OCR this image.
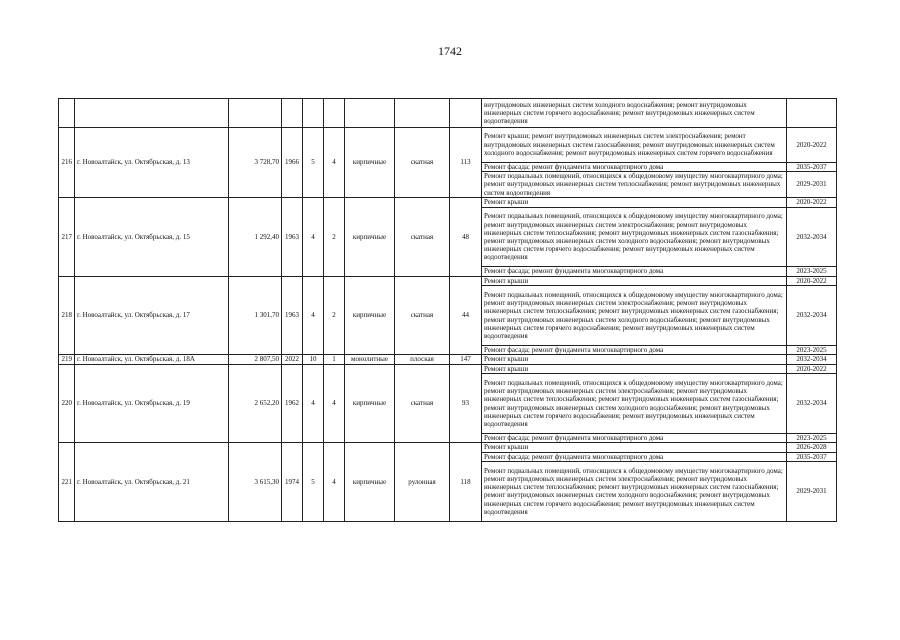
1742
									внутридомовых инженерных систем холодного водоснабжения; ремонт внутридомовых инженерных систем горячего водоснабжения; ремонт внутридомовых инженерных систем водоотведения	
216	г. Новоалтайск, ул. Октябрьская, д. 13	3 728,70	1966	5	4	кирпичные	скатная	113	Ремонт крыши; ремонт внутридомовых инженерных систем электроснабжения; ремонт внутридомовых инженерных систем газоснабжения; ремонт внутридомовых инженерных систем холодного водоснабжения; ремонт внутридомовых инженерных систем горячего водоснабжения	2020-2022
									Ремонт фасада; ремонт фундамента многоквартирного дома	2035-2037
									Ремонт подвальных помещений, относящихся к общедомовому имуществу многоквартирного дома; ремонт внутридомовых инженерных систем теплоснабжения; ремонт внутридомовых инженерных систем водоотведения	2029-2031
217	г. Новоалтайск, ул. Октябрьская, д. 15	1 292,40	1963	4	2	кирпичные	скатная	48	Ремонт крыши	2020-2022
									Ремонт подвальных помещений, относящихся к общедомовому имуществу многоквартирного дома; ремонт внутридомовых инженерных систем электроснабжения; ремонт внутридомовых инженерных систем теплоснабжения; ремонт внутридомовых инженерных систем газоснабжения; ремонт внутридомовых инженерных систем холодного водоснабжения; ремонт внутридомовых инженерных систем горячего водоснабжения; ремонт внутридомовых инженерных систем водоотведения	2032-2034
									Ремонт фасада; ремонт фундамента многоквартирного дома	2023-2025
218	г. Новоалтайск, ул. Октябрьская, д. 17	1 301,70	1963	4	2	кирпичные	скатная	44	Ремонт крыши	2020-2022
									Ремонт подвальных помещений, относящихся к общедомовому имуществу многоквартирного дома; ремонт внутридомовых инженерных систем электроснабжения; ремонт внутридомовых инженерных систем теплоснабжения; ремонт внутридомовых инженерных систем газоснабжения; ремонт внутридомовых инженерных систем холодного водоснабжения; ремонт внутридомовых инженерных систем горячего водоснабжения; ремонт внутридомовых инженерных систем водоотведения	2032-2034
									Ремонт фасада; ремонт фундамента многоквартирного дома	2023-2025
219	г. Новоалтайск, ул. Октябрьская, д. 18А	2 807,50	2022	10	1	монолитные	плоская	147	Ремонт крыши	2032-2034
220	г. Новоалтайск, ул. Октябрьская, д. 19	2 652,20	1962	4	4	кирпичные	скатная	93	Ремонт крыши	2020-2022
									Ремонт подвальных помещений, относящихся к общедомовому имуществу многоквартирного дома; ремонт внутридомовых инженерных систем электроснабжения; ремонт внутридомовых инженерных систем теплоснабжения; ремонт внутридомовых инженерных систем газоснабжения; ремонт внутридомовых инженерных систем холодного водоснабжения; ремонт внутридомовых инженерных систем горячего водоснабжения; ремонт внутридомовых инженерных систем водоотведения	2032-2034
									Ремонт фасада; ремонт фундамента многоквартирного дома	2023-2025
221	г. Новоалтайск, ул. Октябрьская, д. 21	3 615,30	1974	5	4	кирпичные	рулонная	118	Ремонт крыши	2026-2028
									Ремонт фасада; ремонт фундамента многоквартирного дома	2035-2037
									Ремонт подвальных помещений, относящихся к общедомовому имуществу многоквартирного дома; ремонт внутридомовых инженерных систем электроснабжения; ремонт внутридомовых инженерных систем теплоснабжения; ремонт внутридомовых инженерных систем газоснабжения; ремонт внутридомовых инженерных систем холодного водоснабжения; ремонт внутридомовых инженерных систем горячего водоснабжения; ремонт внутридомовых инженерных систем водоотведения	2029-2031
